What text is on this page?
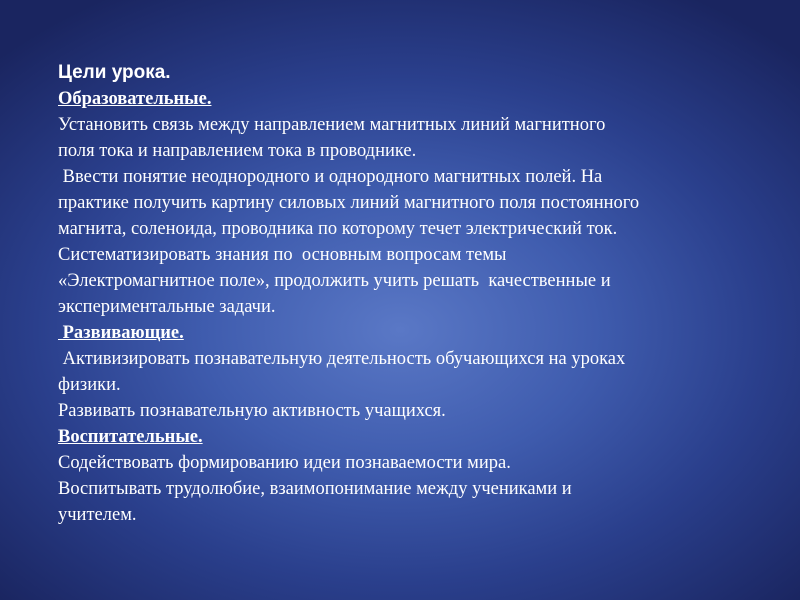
Цели урока.

Образовательные.

Установить связь между направлением магнитных линий магнитного

поля тока и направлением тока в проводнике.

Ввести понятие неоднородного и однородного магнитных полей. На

практике получить картину силовых линий магнитного поля постоянного

магнита, соленоида, проводника по которому течет электрический ток.

Систематизировать знания по  основным вопросам темы

«Электромагнитное поле», продолжить учить решать  качественные и

экспериментальные задачи.

Развивающие.

Активизировать познавательную деятельность обучающихся на уроках

физики.

Развивать познавательную активность учащихся.

Воспитательные.

Содействовать формированию идеи познаваемости мира.

Воспитывать трудолюбие, взаимопонимание между учениками и

учителем.
